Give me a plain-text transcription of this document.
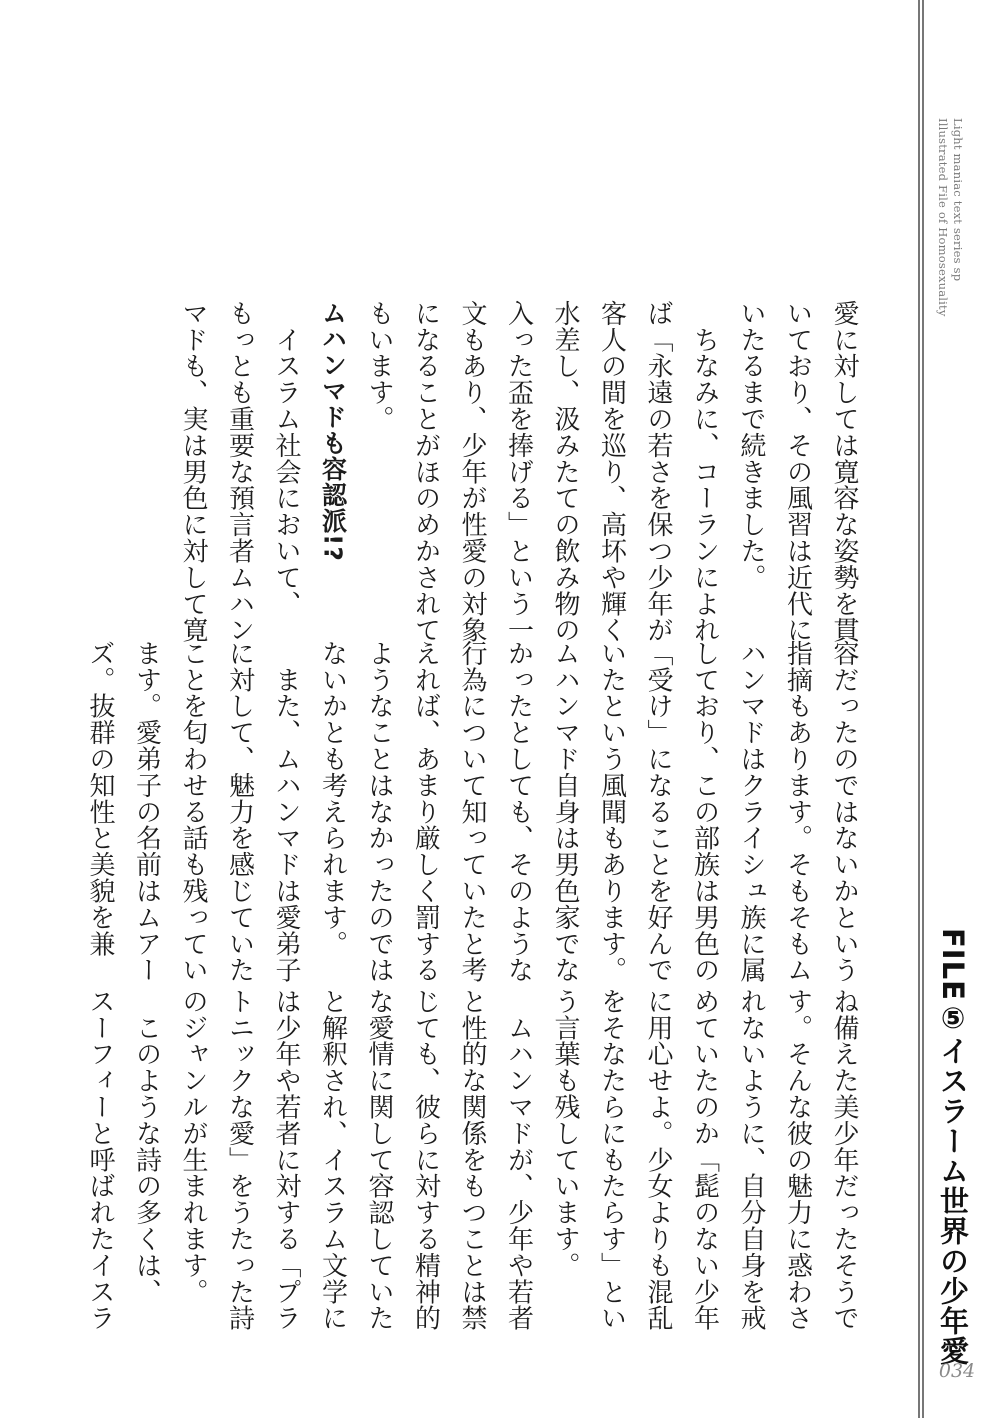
Light maniac text series sp
Illustrated File of Homosexuality
FILE⑤イスラーム世界の少年愛
034
愛に対しては寛容な姿勢を貫
いており、その風習は近代に
いたるまで続きました。
　ちなみに、コーランによれ
ば「永遠の若さを保つ少年が
客人の間を巡り、高坏や輝く
水差し、汲みたての飲み物の
入った盃を捧げる」という一
文もあり、少年が性愛の対象
になることがほのめかされて
もいます。
ムハンマドも容認派!?
　イスラム社会において、
もっとも重要な預言者ムハン
マドも、実は男色に対して寛
容だったのではないかという
指摘もあります。そもそもム
ハンマドはクライシュ族に属
しており、この部族は男色の
「受け」になることを好んで
いたという風聞もあります。
ムハンマド自身は男色家でな
かったとしても、そのような
行為について知っていたと考
えれば、あまり厳しく罰する
ようなことはなかったのでは
ないかとも考えられます。
　また、ムハンマドは愛弟子
に対して、魅力を感じていた
ことを匂わせる話も残ってい
ます。愛弟子の名前はムアー
ズ。抜群の知性と美貌を兼
ね備えた美少年だったそうで
す。そんな彼の魅力に惑わさ
れないように、自分自身を戒
めていたのか「髭のない少年
に用心せよ。少女よりも混乱
をそなたらにもたらす」とい
う言葉も残しています。
　ムハンマドが、少年や若者
と性的な関係をもつことは禁
じても、彼らに対する精神的
な愛情に関して容認していた
と解釈され、イスラム文学に
は少年や若者に対する「プラ
トニックな愛」をうたった詩
のジャンルが生まれます。
　このような詩の多くは、
スーフィーと呼ばれたイスラ
